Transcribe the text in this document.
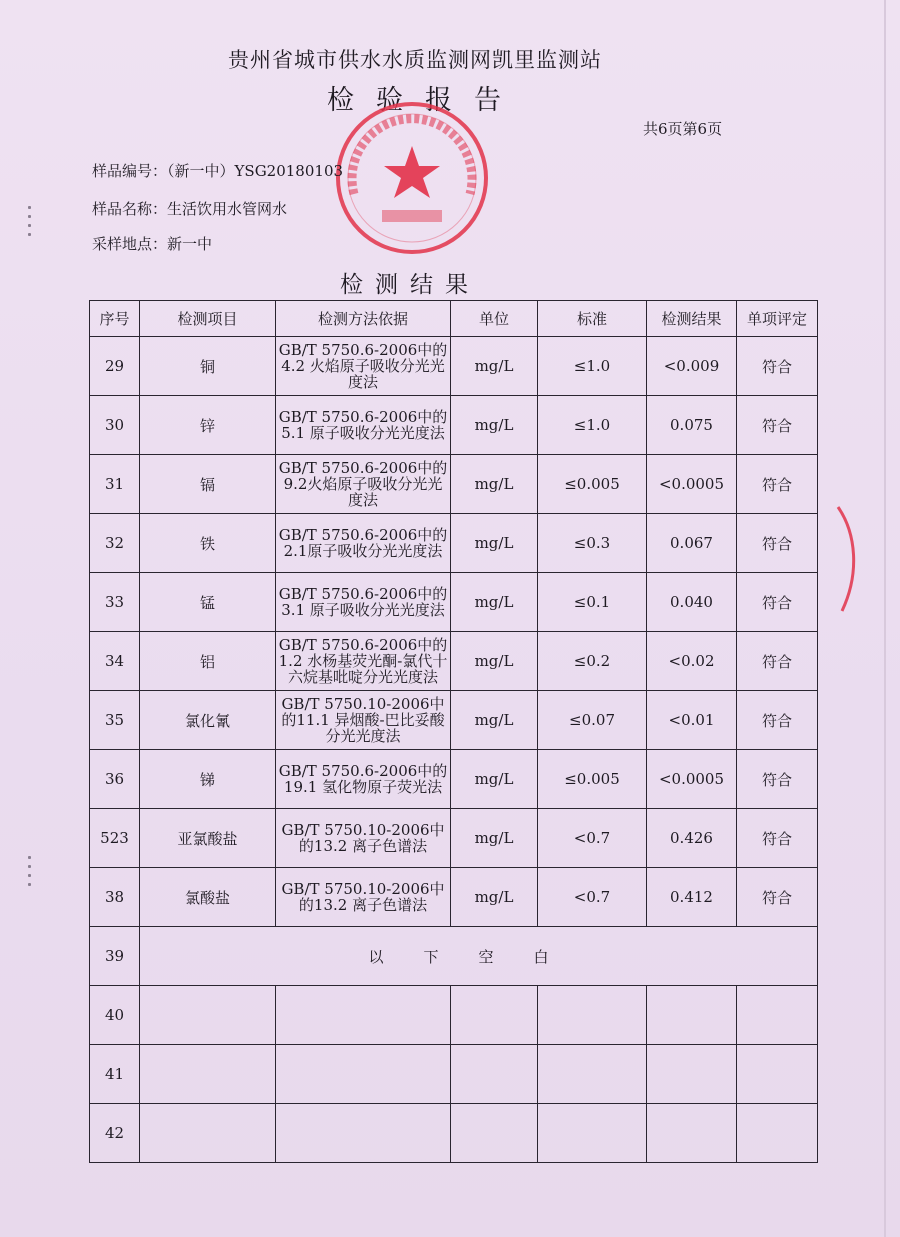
贵州省城市供水水质监测网凯里监测站
检验报告
共6页第6页
样品编号：（新一中）YSG20180103
样品名称：生活饮用水管网水
采样地点：新一中
检测结果
序号	检测项目	检测方法依据	单位	标准	检测结果	单项评定
29	铜	GB/T 5750.6-2006中的4.2 火焰原子吸收分光光度法	mg/L	≤1.0	<0.009	符合
30	锌	GB/T 5750.6-2006中的5.1 原子吸收分光光度法	mg/L	≤1.0	0.075	符合
31	镉	GB/T 5750.6-2006中的9.2火焰原子吸收分光光度法	mg/L	≤0.005	<0.0005	符合
32	铁	GB/T 5750.6-2006中的2.1原子吸收分光光度法	mg/L	≤0.3	0.067	符合
33	锰	GB/T 5750.6-2006中的3.1 原子吸收分光光度法	mg/L	≤0.1	0.040	符合
34	铝	GB/T 5750.6-2006中的1.2 水杨基荧光酮-氯代十六烷基吡啶分光光度法	mg/L	≤0.2	<0.02	符合
35	氯化氰	GB/T 5750.10-2006中的11.1 异烟酸-巴比妥酸分光光度法	mg/L	≤0.07	<0.01	符合
36	锑	GB/T 5750.6-2006中的19.1 氢化物原子荧光法	mg/L	≤0.005	<0.0005	符合
523	亚氯酸盐	GB/T 5750.10-2006中的13.2 离子色谱法	mg/L	<0.7	0.426	符合
38	氯酸盐	GB/T 5750.10-2006中的13.2 离子色谱法	mg/L	<0.7	0.412	符合
39	以下空白					
40						
41						
42						
